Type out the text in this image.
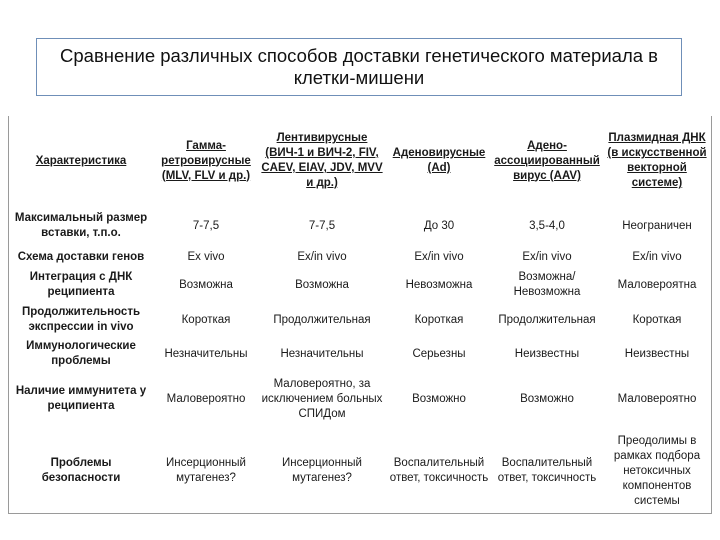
Сравнение различных способов доставки генетического материала в клетки-мишени
Характеристика	Гамма-ретровирусные (MLV, FLV и др.)	Лентивирусные (ВИЧ-1 и ВИЧ-2, FIV, CAEV, EIAV, JDV, MVV и др.)	Аденовирусные (Ad)	Адено-ассоциированный вирус (AAV)	Плазмидная ДНК (в искусственной векторной системе)
Максимальный размер вставки, т.п.о.	7-7,5	7-7,5	До 30	3,5-4,0	Неограничен
Схема доставки генов	Ex vivo	Ex/in vivo	Ex/in vivo	Ex/in vivo	Ex/in vivo
Интеграция с ДНК реципиента	Возможна	Возможна	Невозможна	Возможна/ Невозможна	Маловероятна
Продолжительность экспрессии in vivo	Короткая	Продолжительная	Короткая	Продолжительная	Короткая
Иммунологические проблемы	Незначительны	Незначительны	Серьезны	Неизвестны	Неизвестны
Наличие иммунитета у реципиента	Маловероятно	Маловероятно, за исключением больных СПИДом	Возможно	Возможно	Маловероятно
Проблемы безопасности	Инсерционный мутагенез?	Инсерционный мутагенез?	Воспалительный ответ, токсичность	Воспалительный ответ, токсичность	Преодолимы в рамках подбора нетоксичных компонентов системы
